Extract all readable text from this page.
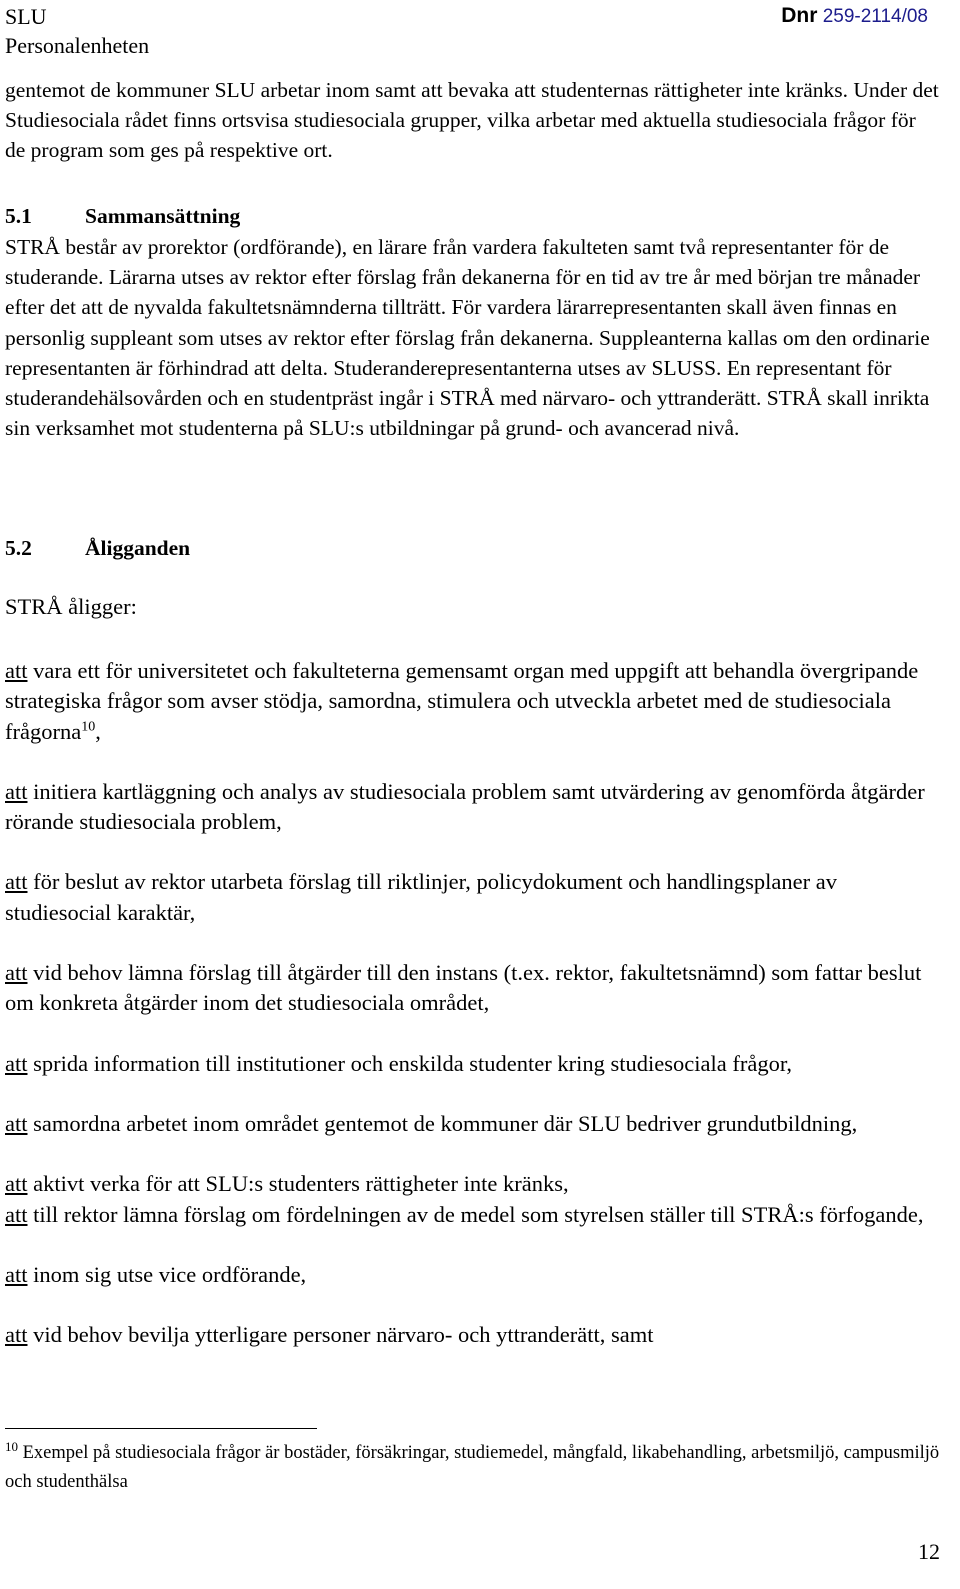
SLU
Personalenheten
Dnr 259-2114/08
gentemot de kommuner SLU arbetar inom samt att bevaka att studenternas rättigheter inte kränks. Under det Studiesociala rådet finns ortsvisa studiesociala grupper, vilka arbetar med aktuella studiesociala frågor för de program som ges på respektive ort.
5.1 Sammansättning
STRÅ består av prorektor (ordförande), en lärare från vardera fakulteten samt två representanter för de studerande. Lärarna utses av rektor efter förslag från dekanerna för en tid av tre år med början tre månader efter det att de nyvalda fakultetsnämnderna tillträtt. För vardera lärarrepresentanten skall även finnas en personlig suppleant som utses av rektor efter förslag från dekanerna. Suppleanterna kallas om den ordinarie representanten är förhindrad att delta. Studeranderepresentanterna utses av SLUSS. En representant för studerandehälsovården och en studentpräst ingår i STRÅ med närvaro- och yttranderätt. STRÅ skall inrikta sin verksamhet mot studenterna på SLU:s utbildningar på grund- och avancerad nivå.
5.2 Åligganden
STRÅ åligger:
att vara ett för universitetet och fakulteterna gemensamt organ med uppgift att behandla övergripande strategiska frågor som avser stödja, samordna, stimulera och utveckla arbetet med de studiesociala frågorna$^{10}$,
att initiera kartläggning och analys av studiesociala problem samt utvärdering av genomförda åtgärder rörande studiesociala problem,
att för beslut av rektor utarbeta förslag till riktlinjer, policydokument och handlingsplaner av studiesocial karaktär,
att vid behov lämna förslag till åtgärder till den instans (t.ex. rektor, fakultetsnämnd) som fattar beslut om konkreta åtgärder inom det studiesociala området,
att sprida information till institutioner och enskilda studenter kring studiesociala frågor,
att samordna arbetet inom området gentemot de kommuner där SLU bedriver grundutbildning,
att aktivt verka för att SLU:s studenters rättigheter inte kränks,
att till rektor lämna förslag om fördelningen av de medel som styrelsen ställer till STRÅ:s förfogande,
att inom sig utse vice ordförande,
att vid behov bevilja ytterligare personer närvaro- och yttranderätt, samt
$^{10}$ Exempel på studiesociala frågor är bostäder, försäkringar, studiemedel, mångfald, likabehandling, arbetsmiljö, campusmiljö och studenthälsa
12
